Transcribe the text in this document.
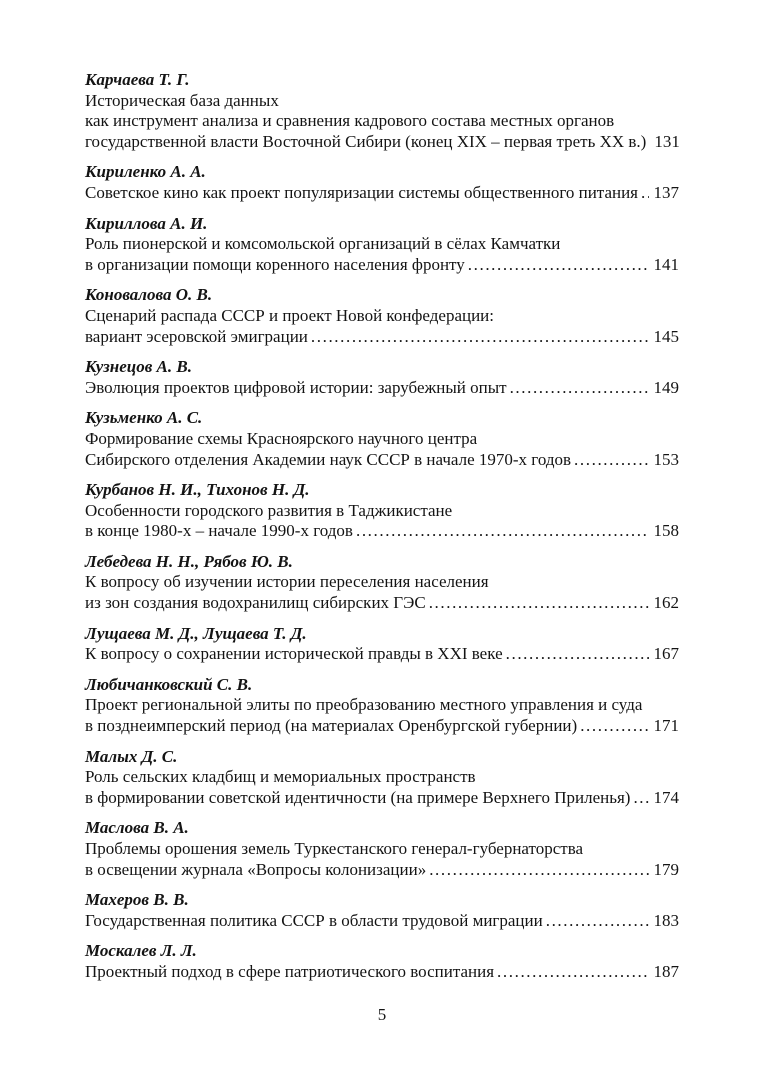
Карчаева Т. Г.
Историческая база данных
как инструмент анализа и сравнения кадрового состава местных органов
государственной власти Восточной Сибири (конец XIX – первая треть XX в.) 131
Кириленко А. А.
Советское кино как проект популяризации системы общественного питания ..... 137
Кириллова А. И.
Роль пионерской и комсомольской организаций в сёлах Камчатки
в организации помощи коренного населения фронту .....	141
Коновалова О. В.
Сценарий распада СССР и проект Новой конфедерации:
вариант эсеровской эмиграции .....	145
Кузнецов А. В.
Эволюция проектов цифровой истории: зарубежный опыт .....	149
Кузьменко А. С.
Формирование схемы Красноярского научного центра
Сибирского отделения Академии наук СССР в начале 1970-х годов .....	153
Курбанов Н. И., Тихонов Н. Д.
Особенности городского развития в Таджикистане
в конце 1980-х – начале 1990-х годов .....	158
Лебедева Н. Н., Рябов Ю. В.
К вопросу об изучении истории переселения населения
из зон создания водохранилищ сибирских ГЭС .....	162
Лущаева М. Д., Лущаева Т. Д.
К вопросу о сохранении исторической правды в XXI веке .....	167
Любичанковский С. В.
Проект региональной элиты по преобразованию местного управления и суда
в позднеимперский период (на материалах Оренбургской губернии) .....	171
Малых Д. С.
Роль сельских кладбищ и мемориальных пространств
в формировании советской идентичности (на примере Верхнего Приленья) ..... 174
Маслова В. А.
Проблемы орошения земель Туркестанского генерал-губернаторства
в освещении журнала «Вопросы колонизации» .....	179
Махеров В. В.
Государственная политика СССР в области трудовой миграции .....	183
Москалев Л. Л.
Проектный подход в сфере патриотического воспитания .....	187
5
